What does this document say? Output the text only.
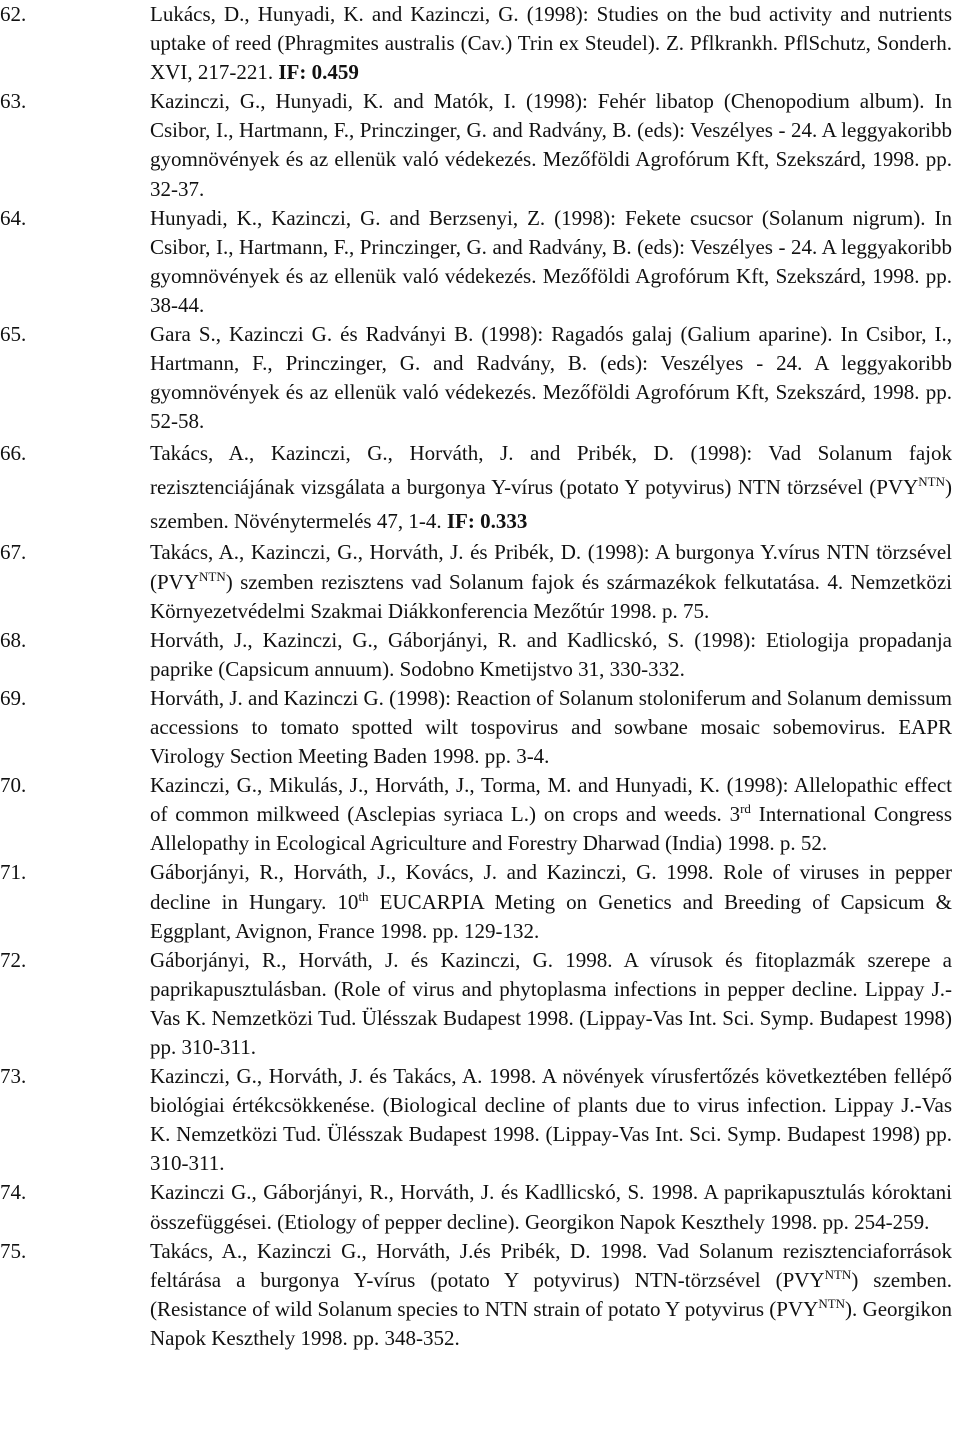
62.	Lukács, D., Hunyadi, K. and Kazinczi, G. (1998): Studies on the bud activity and nutrients uptake of reed (Phragmites australis (Cav.) Trin ex Steudel). Z. Pflkrankh. PflSchutz, Sonderh. XVI, 217-221. IF: 0.459
63.	Kazinczi, G., Hunyadi, K. and Matók, I. (1998): Fehér libatop (Chenopodium album). In Csibor, I., Hartmann, F., Princzinger, G. and Radvány, B. (eds): Veszélyes - 24. A leggyakoribb gyomnövények és az ellenük való védekezés. Mezőföldi Agrofórum Kft, Szekszárd, 1998. pp. 32-37.
64.	Hunyadi, K., Kazinczi, G. and Berzsenyi, Z. (1998): Fekete csucsor (Solanum nigrum). In Csibor, I., Hartmann, F., Princzinger, G. and Radvány, B. (eds): Veszélyes - 24. A leggyakoribb gyomnövények és az ellenük való védekezés. Mezőföldi Agrofórum Kft, Szekszárd, 1998. pp. 38-44.
65.	Gara S., Kazinczi G. és Radványi B. (1998): Ragadós galaj (Galium aparine). In Csibor, I., Hartmann, F., Princzinger, G. and Radvány, B. (eds): Veszélyes - 24. A leggyakoribb gyomnövények és az ellenük való védekezés. Mezőföldi Agrofórum Kft, Szekszárd, 1998. pp. 52-58.
66.	Takács, A., Kazinczi, G., Horváth, J. and Pribék, D. (1998): Vad Solanum fajok rezisztenciájának vizsgálata a burgonya Y-vírus (potato Y potyvirus) NTN törzsével $(PVY^{NTN})$ szemben. Növénytermelés 47, 1-4. IF: 0.333
67.	Takács, A., Kazinczi, G., Horváth, J. és Pribék, D. (1998): A burgonya Y.vírus NTN törzsével $(PVY^{NTN})$ szemben rezisztens vad Solanum fajok és származékok felkutatása. 4. Nemzetközi Környezetvédelmi Szakmai Diákkonferencia Mezőtúr 1998. p. 75.
68.	Horváth, J., Kazinczi, G., Gáborjányi, R. and Kadlicskó, S. (1998): Etiologija propadanja paprike (Capsicum annuum). Sodobno Kmetijstvo 31, 330-332.
69.	Horváth, J. and Kazinczi G. (1998): Reaction of Solanum stoloniferum and Solanum demissum accessions to tomato spotted wilt tospovirus and sowbane mosaic sobemovirus. EAPR Virology Section Meeting Baden 1998. pp. 3-4.
70.	Kazinczi, G., Mikulás, J., Horváth, J., Torma, M. and Hunyadi, K. (1998): Allelopathic effect of common milkweed (Asclepias syriaca L.) on crops and weeds. 3rd International Congress Allelopathy in Ecological Agriculture and Forestry Dharwad (India) 1998. p. 52.
71.	Gáborjányi, R., Horváth, J., Kovács, J. and Kazinczi, G. 1998. Role of viruses in pepper decline in Hungary. 10th EUCARPIA Meting on Genetics and Breeding of Capsicum & Eggplant, Avignon, France 1998. pp. 129-132.
72.	Gáborjányi, R., Horváth, J. és Kazinczi, G. 1998. A vírusok és fitoplazmák szerepe a paprikapusztulásban. (Role of virus and phytoplasma infections in pepper decline. Lippay J.-Vas K. Nemzetközi Tud. Ülésszak Budapest 1998. (Lippay-Vas Int. Sci. Symp. Budapest 1998) pp. 310-311.
73.	Kazinczi, G., Horváth, J. és Takács, A. 1998. A növények vírusfertőzés következtében fellépő biológiai értékcsökkenése. (Biological decline of plants due to virus infection. Lippay J.-Vas K. Nemzetközi Tud. Ülésszak Budapest 1998. (Lippay-Vas Int. Sci. Symp. Budapest 1998) pp. 310-311.
74.	Kazinczi G., Gáborjányi, R., Horváth, J. és Kadllicskó, S. 1998. A paprikapusztulás kóroktani összefüggései. (Etiology of pepper decline). Georgikon Napok Keszthely 1998. pp. 254-259.
75.	Takács, A., Kazinczi G., Horváth, J.és Pribék, D. 1998. Vad Solanum rezisztenciaforrások feltárása a burgonya Y-vírus (potato Y potyvirus) NTN-törzsével $(PVY^{NTN})$ szemben. (Resistance of wild Solanum species to NTN strain of potato Y potyvirus $(PVY^{NTN})$. Georgikon Napok Keszthely 1998. pp. 348-352.
